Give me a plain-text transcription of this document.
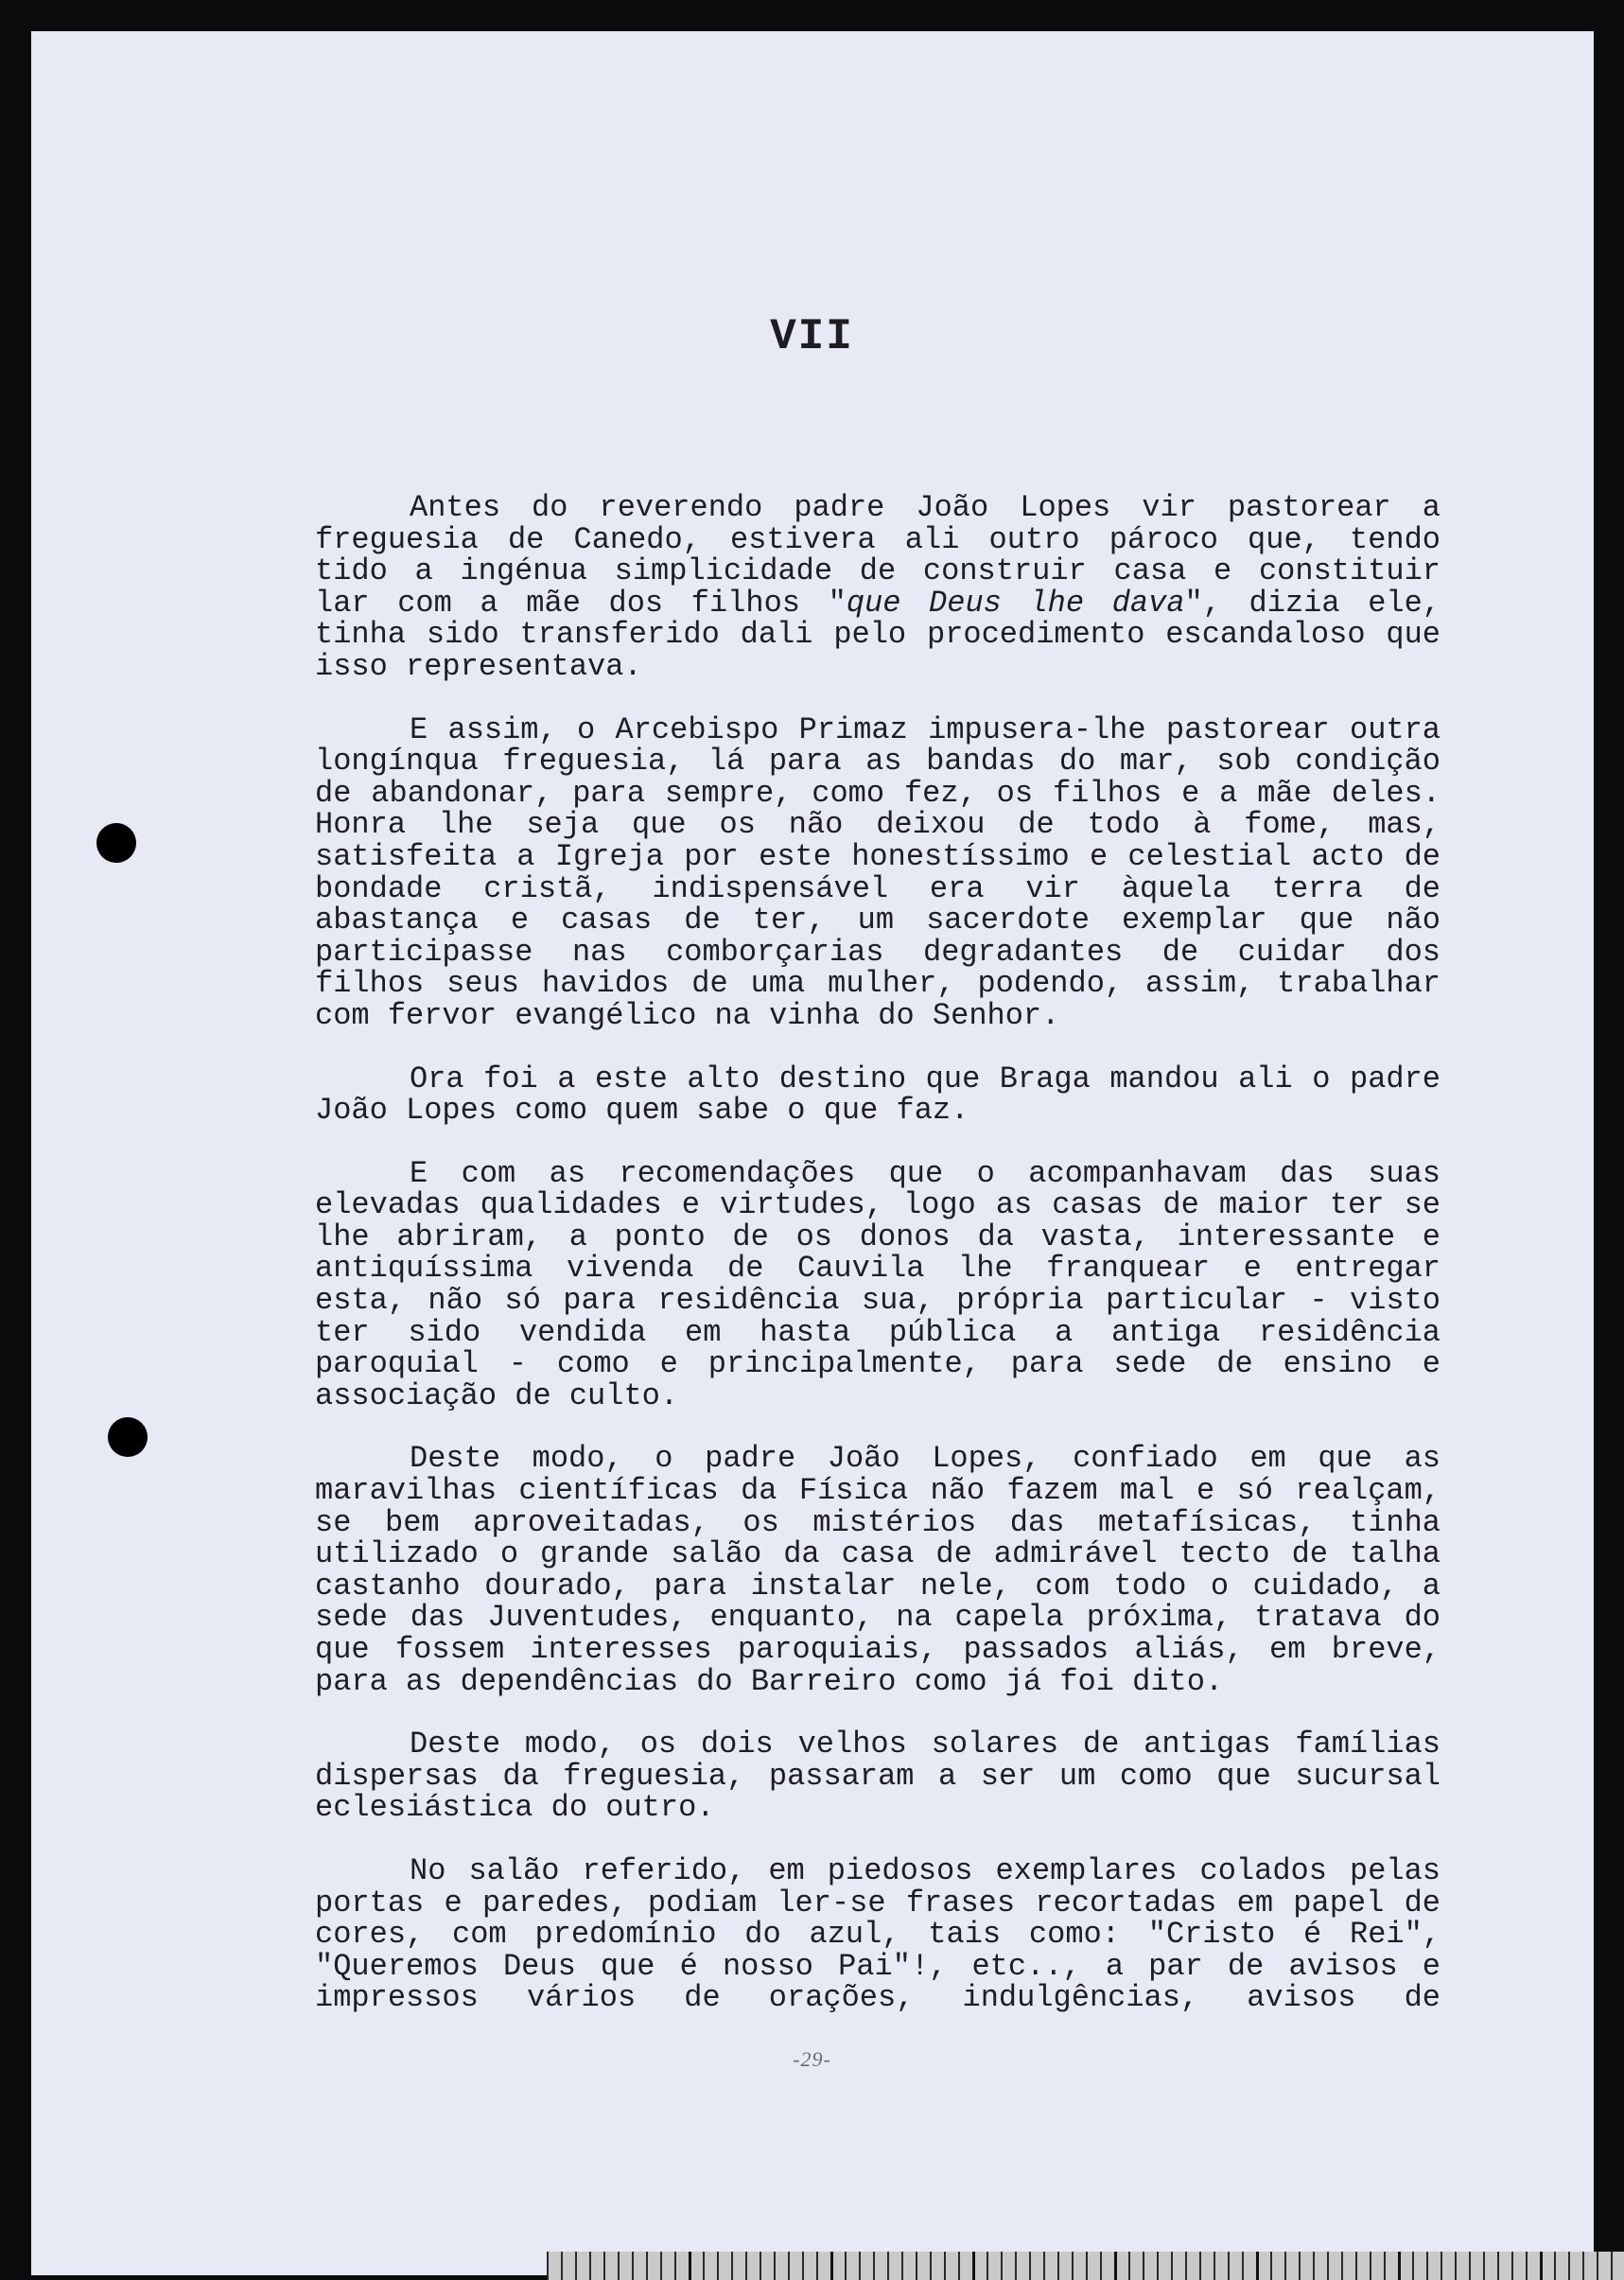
VII

Antes do reverendo padre João Lopes vir pastorear a freguesia de Canedo, estivera ali outro pároco que, tendo tido a ingénua simplicidade de construir casa e constituir lar com a mãe dos filhos "que Deus lhe dava", dizia ele, tinha sido transferido dali pelo procedimento escandaloso que isso representava.

E assim, o Arcebispo Primaz impusera-lhe pastorear outra longínqua freguesia, lá para as bandas do mar, sob condição de abandonar, para sempre, como fez, os filhos e a mãe deles. Honra lhe seja que os não deixou de todo à fome, mas, satisfeita a Igreja por este honestíssimo e celestial acto de bondade cristã, indispensável era vir àquela terra de abastança e casas de ter, um sacerdote exemplar que não participasse nas comborçarias degradantes de cuidar dos filhos seus havidos de uma mulher, podendo, assim, trabalhar com fervor evangélico na vinha do Senhor.

Ora foi a este alto destino que Braga mandou ali o padre João Lopes como quem sabe o que faz.

E com as recomendações que o acompanhavam das suas elevadas qualidades e virtudes, logo as casas de maior ter se lhe abriram, a ponto de os donos da vasta, interessante e antiquíssima vivenda de Cauvila lhe franquear e entregar esta, não só para residência sua, própria particular - visto ter sido vendida em hasta pública a antiga residência paroquial - como e principalmente, para sede de ensino e associação de culto.

Deste modo, o padre João Lopes, confiado em que as maravilhas científicas da Física não fazem mal e só realçam, se bem aproveitadas, os mistérios das metafísicas, tinha utilizado o grande salão da casa de admirável tecto de talha castanho dourado, para instalar nele, com todo o cuidado, a sede das Juventudes, enquanto, na capela próxima, tratava do que fossem interesses paroquiais, passados aliás, em breve, para as dependências do Barreiro como já foi dito.

Deste modo, os dois velhos solares de antigas famílias dispersas da freguesia, passaram a ser um como que sucursal eclesiástica do outro.

No salão referido, em piedosos exemplares colados pelas portas e paredes, podiam ler-se frases recortadas em papel de cores, com predomínio do azul, tais como: "Cristo é Rei", "Queremos Deus que é nosso Pai"!, etc.., a par de avisos e impressos vários de orações, indulgências, avisos de

-29-
